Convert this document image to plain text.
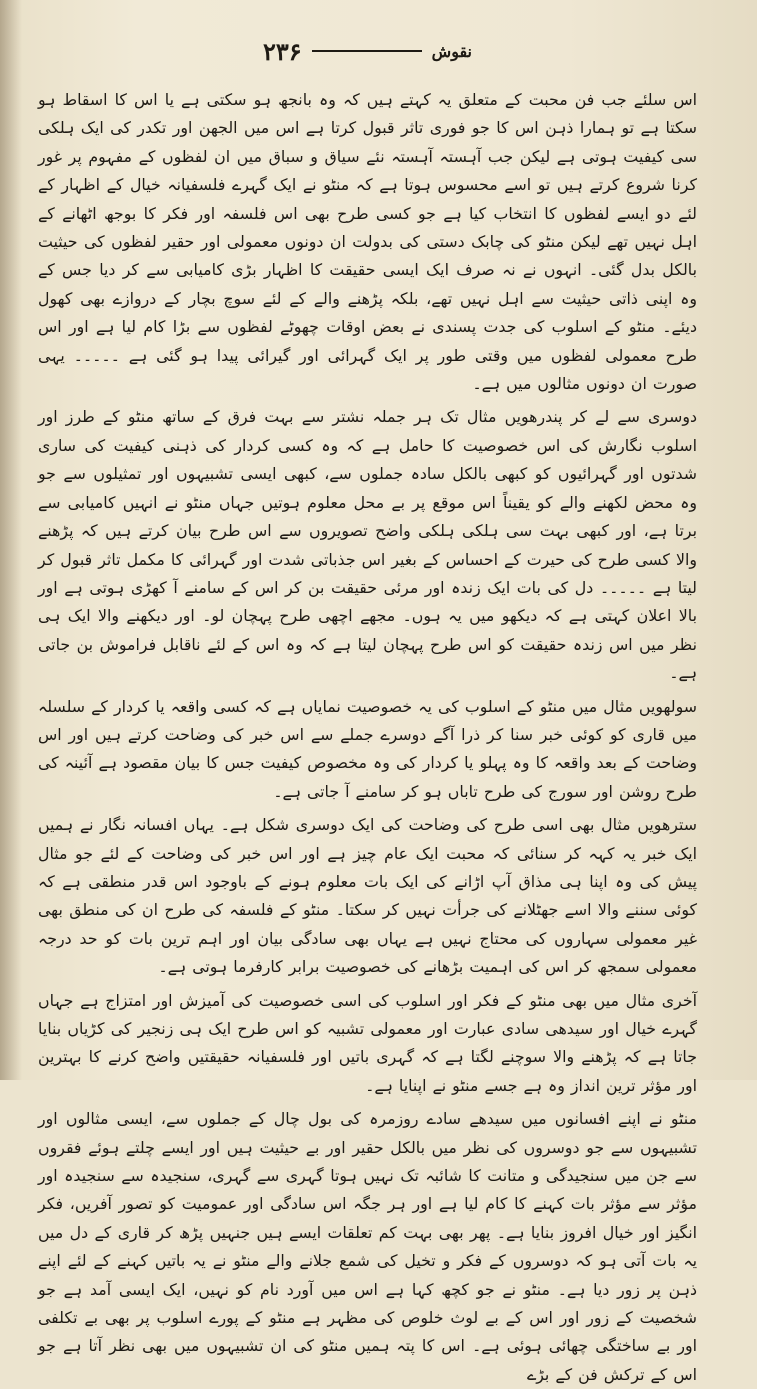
۲۳۶	نقوش

اس سلئے جب فن محبت کے متعلق یہ کہتے ہیں کہ وہ بانجھ ہو سکتی ہے یا اس کا اسقاط ہو سکتا ہے تو ہمارا ذہن اس کا جو فوری تاثر قبول کرتا ہے اس میں الجھن اور تکدر کی ایک ہلکی سی کیفیت ہوتی ہے لیکن جب آہستہ آہستہ نئے سیاق و سباق میں ان لفظوں کے مفہوم پر غور کرنا شروع کرتے ہیں تو اسے محسوس ہوتا ہے کہ منٹو نے ایک گہرے فلسفیانہ خیال کے اظہار کے لئے دو ایسے لفظوں کا انتخاب کیا ہے جو کسی طرح بھی اس فلسفہ اور فکر کا بوجھ اٹھانے کے اہل نہیں تھے لیکن منٹو کی چابک دستی کی بدولت ان دونوں معمولی اور حقیر لفظوں کی حیثیت بالکل بدل گئی۔ انہوں نے نہ صرف ایک ایسی حقیقت کا اظہار بڑی کامیابی سے کر دیا جس کے وہ اپنی ذاتی حیثیت سے اہل نہیں تھے، بلکہ پڑھنے والے کے لئے سوچ بچار کے دروازے بھی کھول دیئے۔ منٹو کے اسلوب کی جدت پسندی نے بعض اوقات چھوٹے لفظوں سے بڑا کام لیا ہے اور اس طرح معمولی لفظوں میں وقتی طور پر ایک گہرائی اور گیرائی پیدا ہو گئی ہے ۔۔۔۔۔ یہی صورت ان دونوں مثالوں میں ہے۔

دوسری سے لے کر پندرھویں مثال تک ہر جملہ نشتر سے بہت فرق کے ساتھ منٹو کے طرز اور اسلوب نگارش کی اس خصوصیت کا حامل ہے کہ وہ کسی کردار کی ذہنی کیفیت کی ساری شدتوں اور گہرائیوں کو کبھی بالکل سادہ جملوں سے، کبھی ایسی تشبیہوں اور تمثیلوں سے جو وہ محض لکھنے والے کو یقیناً اس موقع پر بے محل معلوم ہوتیں جہاں منٹو نے انہیں کامیابی سے برتا ہے، اور کبھی بہت سی ہلکی ہلکی واضح تصویروں سے اس طرح بیان کرتے ہیں کہ پڑھنے والا کسی طرح کی حیرت کے احساس کے بغیر اس جذباتی شدت اور گہرائی کا مکمل تاثر قبول کر لیتا ہے ۔۔۔۔۔ دل کی بات ایک زندہ اور مرئی حقیقت بن کر اس کے سامنے آ کھڑی ہوتی ہے اور بالا اعلان کہتی ہے کہ دیکھو میں یہ ہوں۔ مجھے اچھی طرح پہچان لو۔ اور دیکھنے والا ایک ہی نظر میں اس زندہ حقیقت کو اس طرح پہچان لیتا ہے کہ وہ اس کے لئے ناقابل فراموش بن جاتی ہے۔

سولھویں مثال میں منٹو کے اسلوب کی یہ خصوصیت نمایاں ہے کہ کسی واقعہ یا کردار کے سلسلہ میں قاری کو کوئی خبر سنا کر ذرا آگے دوسرے جملے سے اس خبر کی وضاحت کرتے ہیں اور اس وضاحت کے بعد واقعہ کا وہ پہلو یا کردار کی وہ مخصوص کیفیت جس کا بیان مقصود ہے آئینہ کی طرح روشن اور سورج کی طرح تاباں ہو کر سامنے آ جاتی ہے۔

سترھویں مثال بھی اسی طرح کی وضاحت کی ایک دوسری شکل ہے۔ یہاں افسانہ نگار نے ہمیں ایک خبر یہ کہہ کر سنائی کہ محبت ایک عام چیز ہے اور اس خبر کی وضاحت کے لئے جو مثال پیش کی وہ اپنا ہی مذاق آپ اڑانے کی ایک بات معلوم ہونے کے باوجود اس قدر منطقی ہے کہ کوئی سننے والا اسے جھٹلانے کی جرأت نہیں کر سکتا۔ منٹو کے فلسفہ کی طرح ان کی منطق بھی غیر معمولی سہاروں کی محتاج نہیں ہے یہاں بھی سادگی بیان اور اہم ترین بات کو حد درجہ معمولی سمجھ کر اس کی اہمیت بڑھانے کی خصوصیت برابر کارفرما ہوتی ہے۔

آخری مثال میں بھی منٹو کے فکر اور اسلوب کی اسی خصوصیت کی آمیزش اور امتزاج ہے جہاں گہرے خیال اور سیدھی سادی عبارت اور معمولی تشبیہ کو اس طرح ایک ہی زنجیر کی کڑیاں بنایا جاتا ہے کہ پڑھنے والا سوچنے لگتا ہے کہ گہری باتیں اور فلسفیانہ حقیقتیں واضح کرنے کا بہترین اور مؤثر ترین انداز وہ ہے جسے منٹو نے اپنایا ہے۔

منٹو نے اپنے افسانوں میں سیدھے سادے روزمرہ کی بول چال کے جملوں سے، ایسی مثالوں اور تشبیہوں سے جو دوسروں کی نظر میں بالکل حقیر اور بے حیثیت ہیں اور ایسے چلتے ہوئے فقروں سے جن میں سنجیدگی و متانت کا شائبہ تک نہیں ہوتا گہری سے گہری، سنجیدہ سے سنجیدہ اور مؤثر سے مؤثر بات کہنے کا کام لیا ہے اور ہر جگہ اس سادگی اور عمومیت کو تصور آفریں، فکر انگیز اور خیال افروز بنایا ہے۔ پھر بھی بہت کم تعلقات ایسے ہیں جنہیں پڑھ کر قاری کے دل میں یہ بات آتی ہو کہ دوسروں کے فکر و تخیل کی شمع جلانے والے منٹو نے یہ باتیں کہنے کے لئے اپنے ذہن پر زور دیا ہے۔ منٹو نے جو کچھ کہا ہے اس میں آورد نام کو نہیں، ایک ایسی آمد ہے جو شخصیت کے زور اور اس کے بے لوث خلوص کی مظہر ہے منٹو کے پورے اسلوب پر بھی بے تکلفی اور بے ساختگی چھائی ہوئی ہے۔ اس کا پتہ ہمیں منٹو کی ان تشبیہوں میں بھی نظر آتا ہے جو اس کے ترکش فن کے بڑے
